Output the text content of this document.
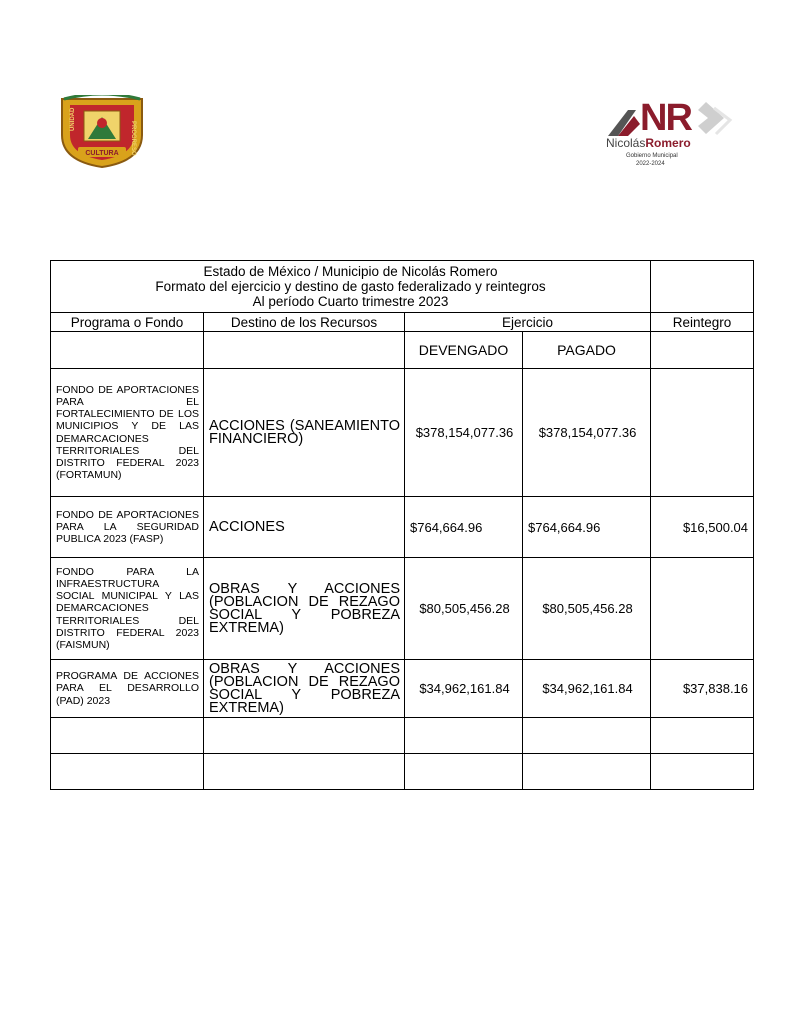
CULTURA
UNIDAD
PROGRESO	NR
NicolásRomero
Gobierno Municipal
2022-2024
Estado de México / Municipio de Nicolás Romero
Formato del ejercicio y destino de gasto federalizado y reintegros
Al período Cuarto trimestre 2023				

Programa o Fondo	Destino de los Recursos	Ejercicio		Reintegro
		DEVENGADO	PAGADO	
FONDO DE APORTACIONES PARA EL FORTALECIMIENTO DE LOS MUNICIPIOS Y DE LAS DEMARCACIONES TERRITORIALES DEL DISTRITO FEDERAL 2023 (FORTAMUN)	ACCIONES (SANEAMIENTO FINANCIERO)	$378,154,077.36	$378,154,077.36	
FONDO DE APORTACIONES PARA LA SEGURIDAD PUBLICA 2023 (FASP)	ACCIONES	$764,664.96	$764,664.96	$16,500.04
FONDO PARA LA INFRAESTRUCTURA SOCIAL MUNICIPAL Y LAS DEMARCACIONES TERRITORIALES DEL DISTRITO FEDERAL 2023 (FAISMUN)	OBRAS Y ACCIONES (POBLACION DE REZAGO SOCIAL Y POBREZA EXTREMA)	$80,505,456.28	$80,505,456.28	
PROGRAMA DE ACCIONES PARA EL DESARROLLO (PAD) 2023	OBRAS Y ACCIONES (POBLACION DE REZAGO SOCIAL Y POBREZA EXTREMA)	$34,962,161.84	$34,962,161.84	$37,838.16
